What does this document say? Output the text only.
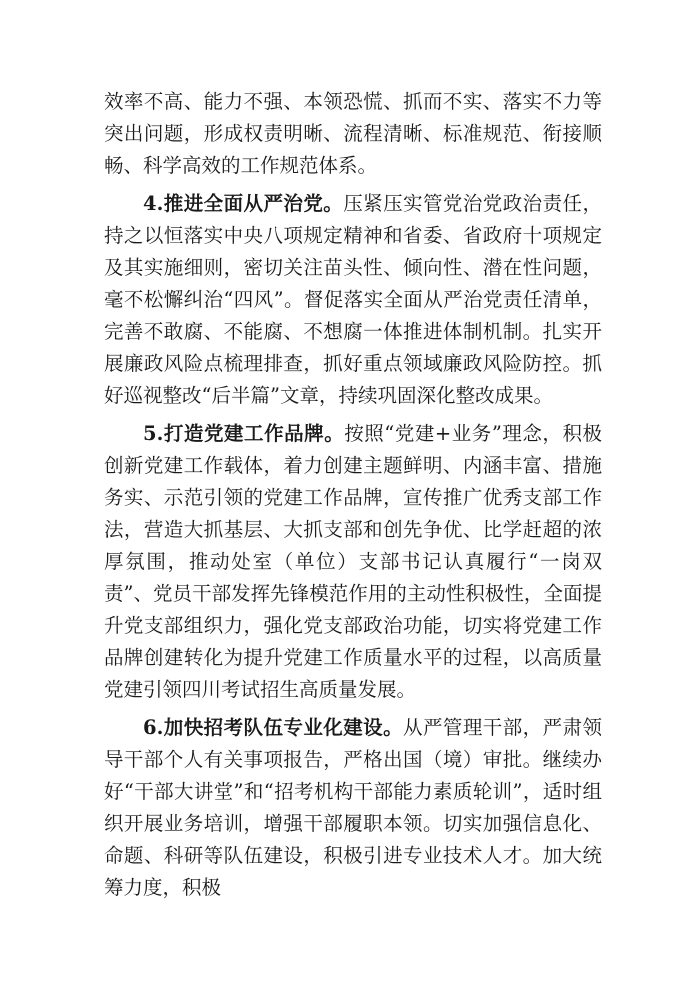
效率不高、能力不强、本领恐慌、抓而不实、落实不力等突出问题，形成权责明晰、流程清晰、标准规范、衔接顺畅、科学高效的工作规范体系。

4.推进全面从严治党。压紧压实管党治党政治责任，持之以恒落实中央八项规定精神和省委、省政府十项规定及其实施细则，密切关注苗头性、倾向性、潜在性问题，毫不松懈纠治“四风”。督促落实全面从严治党责任清单，完善不敢腐、不能腐、不想腐一体推进体制机制。扎实开展廉政风险点梳理排查，抓好重点领域廉政风险防控。抓好巡视整改“后半篇”文章，持续巩固深化整改成果。

5.打造党建工作品牌。按照“党建+业务”理念，积极创新党建工作载体，着力创建主题鲜明、内涵丰富、措施务实、示范引领的党建工作品牌，宣传推广优秀支部工作法，营造大抓基层、大抓支部和创先争优、比学赶超的浓厚氛围，推动处室（单位）支部书记认真履行“一岗双责”、党员干部发挥先锋模范作用的主动性积极性，全面提升党支部组织力，强化党支部政治功能，切实将党建工作品牌创建转化为提升党建工作质量水平的过程，以高质量党建引领四川考试招生高质量发展。

6.加快招考队伍专业化建设。从严管理干部，严肃领导干部个人有关事项报告，严格出国（境）审批。继续办好“干部大讲堂”和“招考机构干部能力素质轮训”，适时组织开展业务培训，增强干部履职本领。切实加强信息化、命题、科研等队伍建设，积极引进专业技术人才。加大统筹力度，积极
